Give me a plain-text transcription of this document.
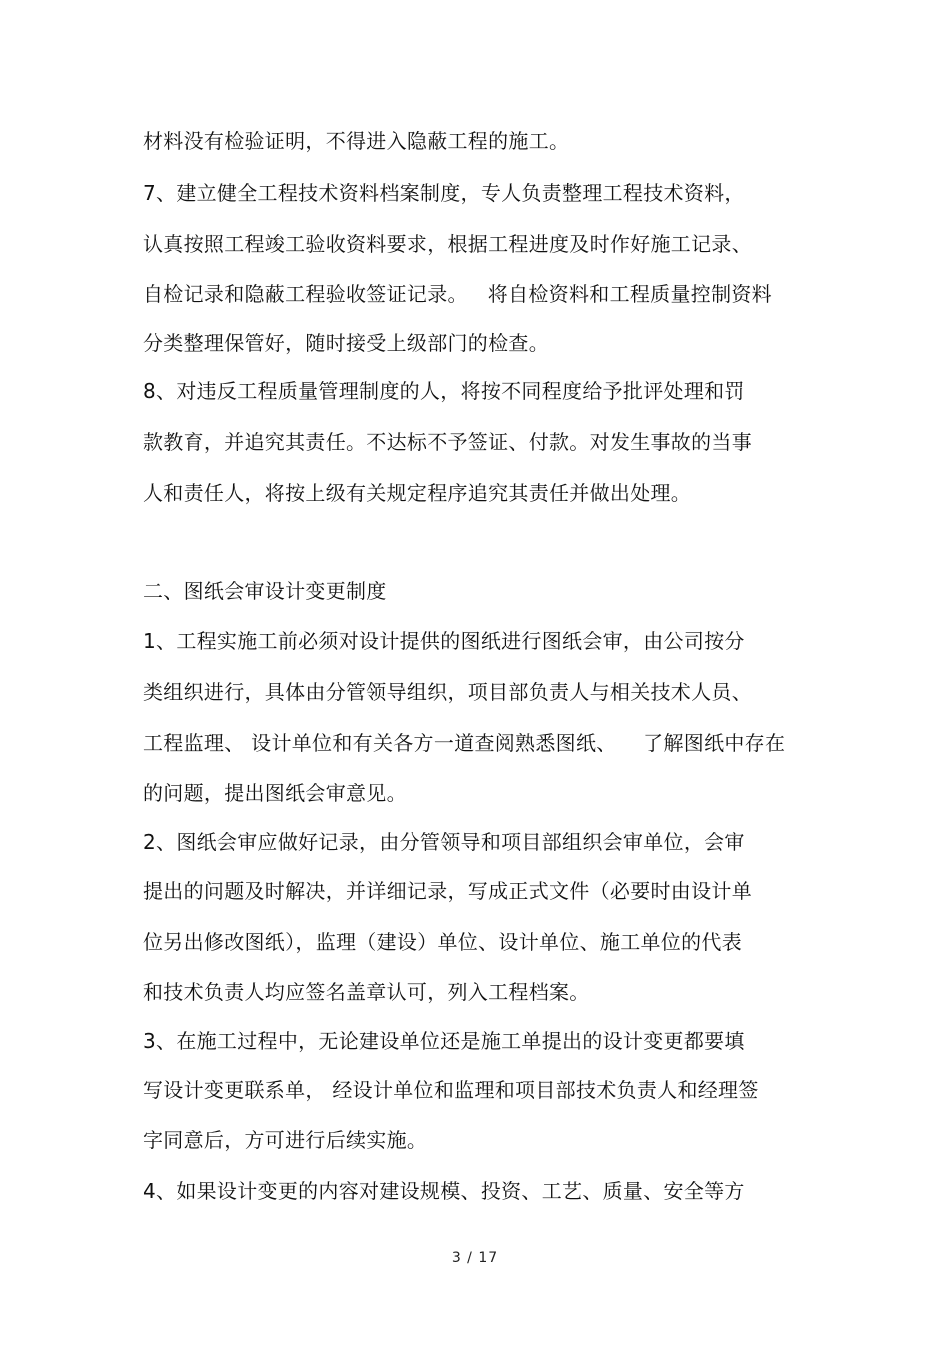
材料没有检验证明，不得进入隐蔽工程的施工。
7、建立健全工程技术资料档案制度，专人负责整理工程技术资料，
认真按照工程竣工验收资料要求，根据工程进度及时作好施工记录、
自检记录和隐蔽工程验收签证记录。   将自检资料和工程质量控制资料
分类整理保管好，随时接受上级部门的检查。
8、对违反工程质量管理制度的人，将按不同程度给予批评处理和罚
款教育，并追究其责任。不达标不予签证、付款。对发生事故的当事
人和责任人，将按上级有关规定程序追究其责任并做出处理。
二、图纸会审设计变更制度
1、工程实施工前必须对设计提供的图纸进行图纸会审，由公司按分
类组织进行，具体由分管领导组织，项目部负责人与相关技术人员、
工程监理、 设计单位和有关各方一道查阅熟悉图纸、    了解图纸中存在
的问题，提出图纸会审意见。
2、图纸会审应做好记录，由分管领导和项目部组织会审单位，会审
提出的问题及时解决，并详细记录，写成正式文件（必要时由设计单
位另出修改图纸），监理（建设）单位、设计单位、施工单位的代表
和技术负责人均应签名盖章认可，列入工程档案。
3、在施工过程中，无论建设单位还是施工单提出的设计变更都要填
写设计变更联系单， 经设计单位和监理和项目部技术负责人和经理签
字同意后，方可进行后续实施。
4、如果设计变更的内容对建设规模、投资、工艺、质量、安全等方
3 / 17
